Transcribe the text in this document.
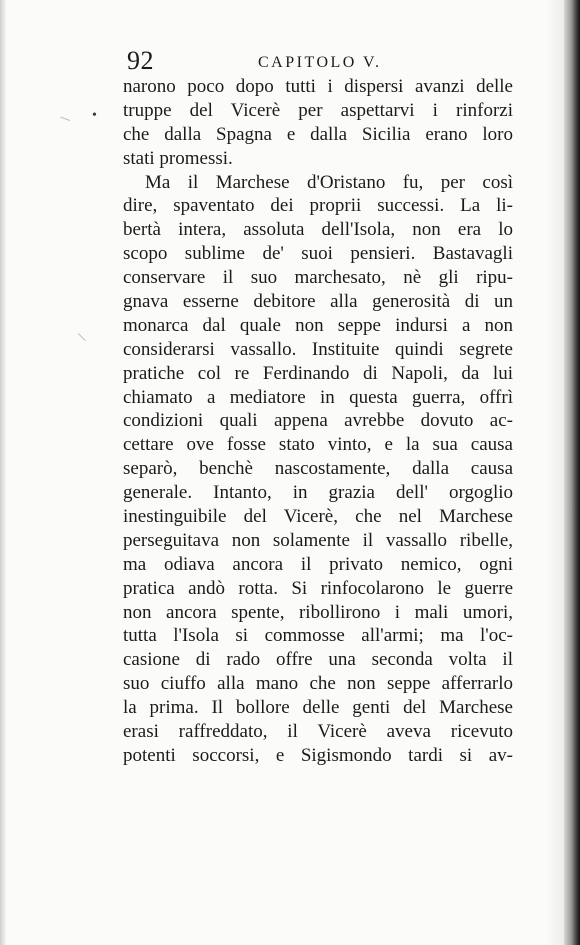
•
─
─
92	CAPITOLO V.
narono poco dopo tutti i dispersi avanzi delle
truppe del Vicerè per aspettarvi i rinforzi
che dalla Spagna e dalla Sicilia erano loro
stati promessi.
Ma il Marchese d'Oristano fu, per così
dire, spaventato dei proprii successi. La li-
bertà intera, assoluta dell'Isola, non era lo
scopo sublime de' suoi pensieri. Bastavagli
conservare il suo marchesato, nè gli ripu-
gnava esserne debitore alla generosità di un
monarca dal quale non seppe indursi a non
considerarsi vassallo. Instituite quindi segrete
pratiche col re Ferdinando di Napoli, da lui
chiamato a mediatore in questa guerra, offrì
condizioni quali appena avrebbe dovuto ac-
cettare ove fosse stato vinto, e la sua causa
separò, benchè nascostamente, dalla causa
generale. Intanto, in grazia dell' orgoglio
inestinguibile del Vicerè, che nel Marchese
perseguitava non solamente il vassallo ribelle,
ma odiava ancora il privato nemico, ogni
pratica andò rotta. Si rinfocolarono le guerre
non ancora spente, ribollirono i mali umori,
tutta l'Isola si commosse all'armi; ma l'oc-
casione di rado offre una seconda volta il
suo ciuffo alla mano che non seppe afferrarlo
la prima. Il bollore delle genti del Marchese
erasi raffreddato, il Vicerè aveva ricevuto
potenti soccorsi, e Sigismondo tardi si av-
